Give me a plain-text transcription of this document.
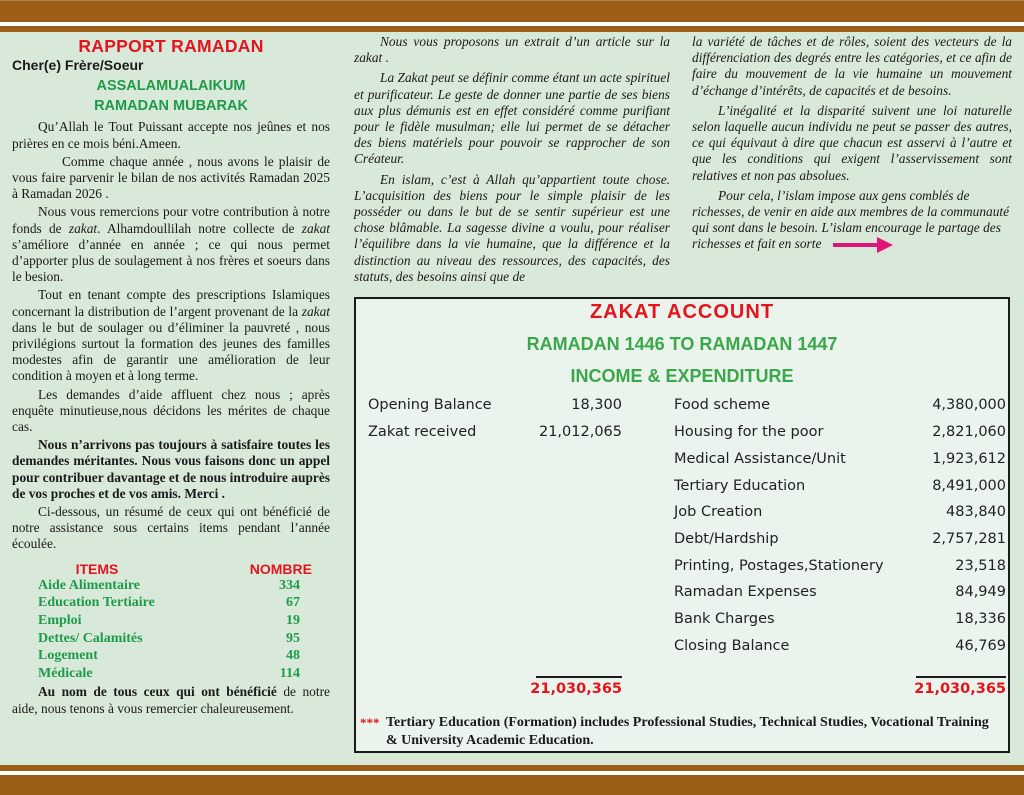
RAPPORT RAMADAN
Cher(e) Frère/Soeur
ASSALAMUALAIKUM
RAMADAN MUBARAK

Qu’Allah le Tout Puissant accepte nos jeûnes et nos prières en ce mois béni.Ameen.

Comme chaque année , nous avons le plaisir de vous faire parvenir le bilan de nos activités Ramadan 2025 à Ramadan 2026 .

Nous vous remercions pour votre contribution à notre fonds de zakat. Alhamdoullilah notre collecte de zakat s’améliore d’année en année ; ce qui nous permet d’apporter plus de soulagement à nos frères et soeurs dans le besion.

Tout en tenant compte des prescriptions Islamiques concernant la distribution de l’argent provenant de la zakat dans le but de soulager ou d’éliminer la pauvreté , nous privilégions surtout la formation des jeunes des familles modestes afin de garantir une amélioration de leur condition à moyen et à long terme.

Les demandes d’aide affluent chez nous ; après enquête minutieuse,nous décidons les mérites de chaque cas.

Nous n’arrivons pas toujours à satisfaire toutes les demandes méritantes. Nous vous faisons donc un appel pour contribuer davantage et de nous introduire auprès de vos proches et de vos amis. Merci .

Ci-dessous, un résumé de ceux qui ont bénéficié de notre assistance sous certains items pendant l’année écoulée.

ITEMS	NOMBRE
Aide Alimentaire	334
Education Tertiaire	67
Emploi	19
Dettes/ Calamités	95
Logement	48
Médicale	114

Au nom de tous ceux qui ont bénéficié de notre aide, nous tenons à vous remercier chaleureusement.

Nous vous proposons un extrait d’un article sur la zakat .

La Zakat peut se définir comme étant un acte spirituel et purificateur. Le geste de donner une partie de ses biens aux plus démunis est en effet considéré comme purifiant pour le fidèle musulman; elle lui permet de se détacher des biens matériels pour pouvoir se rapprocher de son Créateur.

En islam, c’est à Allah qu’appartient toute chose. L’acquisition des biens pour le simple plaisir de les posséder ou dans le but de se sentir supérieur est une chose blâmable. La sagesse divine a voulu, pour réaliser l’équilibre dans la vie humaine, que la différence et la distinction au niveau des ressources, des capacités, des statuts, des besoins ainsi que de

la variété de tâches et de rôles, soient des vecteurs de la différenciation des degrés entre les catégories, et ce afin de faire du mouvement de la vie humaine un mouvement d’échange d’intérêts, de capacités et de besoins.

L’inégalité et la disparité suivent une loi naturelle selon laquelle aucun individu ne peut se passer des autres, ce qui équivaut à dire que chacun est asservi à l’autre et que les conditions qui exigent l’asservissement sont relatives et non pas absolues.

Pour cela, l’islam impose aux gens comblés de richesses, de venir en aide aux membres de la communauté qui sont dans le besoin. L’islam encourage le partage des richesses et fait en sorte

ZAKAT ACCOUNT
RAMADAN 1446 TO RAMADAN 1447
INCOME & EXPENDITURE
Opening Balance	18,300
Zakat received	21,012,065
Food scheme	4,380,000
Housing for the poor	2,821,060
Medical Assistance/Unit	1,923,612
Tertiary Education	8,491,000
Job Creation	483,840
Debt/Hardship	2,757,281
Printing, Postages,Stationery	23,518
Ramadan Expenses	84,949
Bank Charges	18,336
Closing Balance	46,769
21,030,365	21,030,365
*** Tertiary Education (Formation) includes Professional Studies, Technical Studies, Vocational Training & University Academic Education.
